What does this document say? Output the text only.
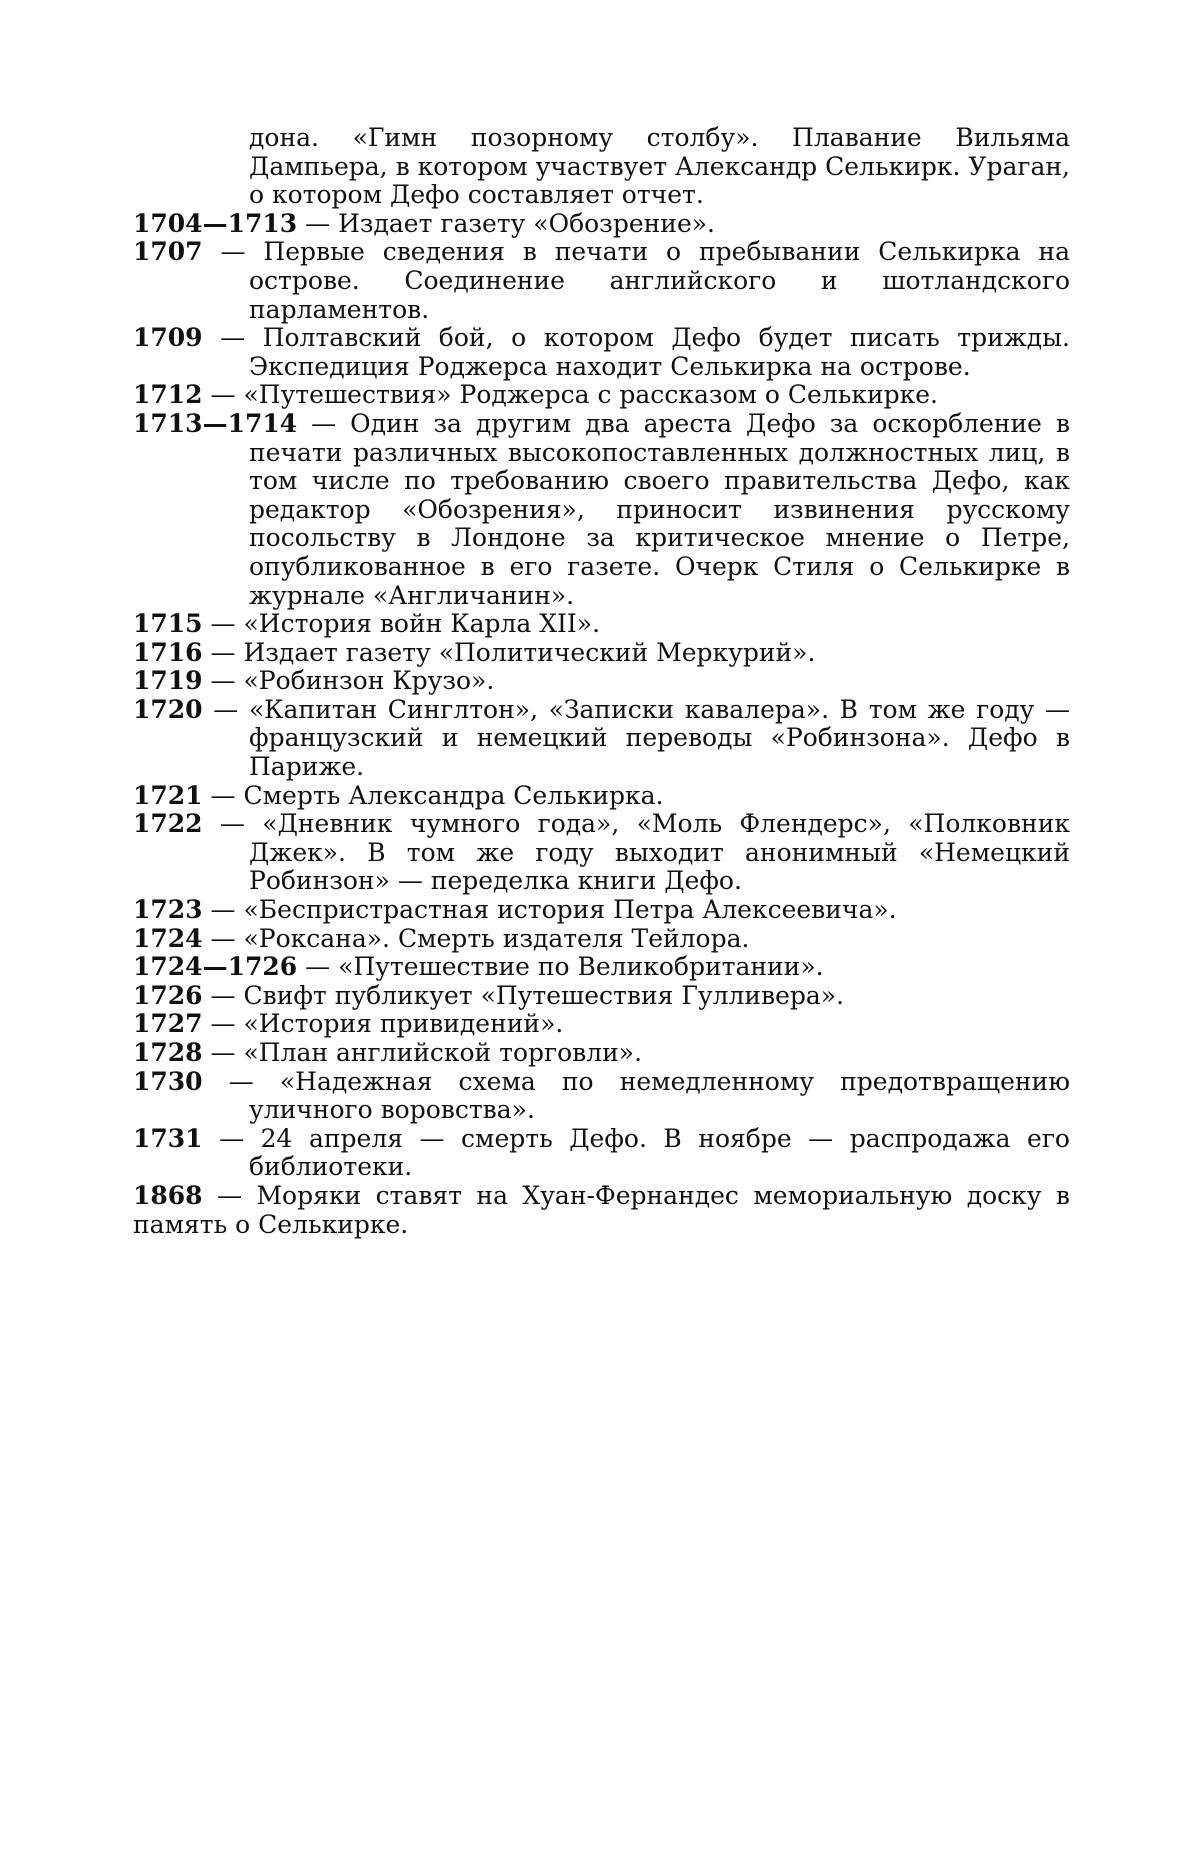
дона. «Гимн позорному столбу». Плавание Вильяма Дампьера, в котором участвует Александр Селькирк. Ураган, о котором Дефо составляет отчет.

1704—1713 — Издает газету «Обозрение».

1707 — Первые сведения в печати о пребывании Селькирка на острове. Соединение английского и шотландского парламентов.

1709 — Полтавский бой, о котором Дефо будет писать трижды. Экспедиция Роджерса находит Селькирка на острове.

1712 — «Путешествия» Роджерса с рассказом о Селькирке.

1713—1714 — Один за другим два ареста Дефо за оскорбление в печати различных высокопоставленных должностных лиц, в том числе по требованию своего правительства Дефо, как редактор «Обозрения», приносит извинения русскому посольству в Лондоне за критическое мнение о Петре, опубликованное в его газете. Очерк Стиля о Селькирке в журнале «Англичанин».

1715 — «История войн Карла XII».

1716 — Издает газету «Политический Меркурий».

1719 — «Робинзон Крузо».

1720 — «Капитан Синглтон», «Записки кавалера». В том же году — французский и немецкий переводы «Робинзона». Дефо в Париже.

1721 — Смерть Александра Селькирка.

1722 — «Дневник чумного года», «Моль Флендерс», «Полковник Джек». В том же году выходит анонимный «Немецкий Робинзон» — переделка книги Дефо.

1723 — «Беспристрастная история Петра Алексеевича».

1724 — «Роксана». Смерть издателя Тейлора.

1724—1726 — «Путешествие по Великобритании».

1726 — Свифт публикует «Путешествия Гулливера».

1727 — «История привидений».

1728 — «План английской торговли».

1730 — «Надежная схема по немедленному предотвращению уличного воровства».

1731 — 24 апреля — смерть Дефо. В ноябре — распродажа его библиотеки.

1868 — Моряки ставят на Хуан-Фернандес мемориальную доску в память о Селькирке.
